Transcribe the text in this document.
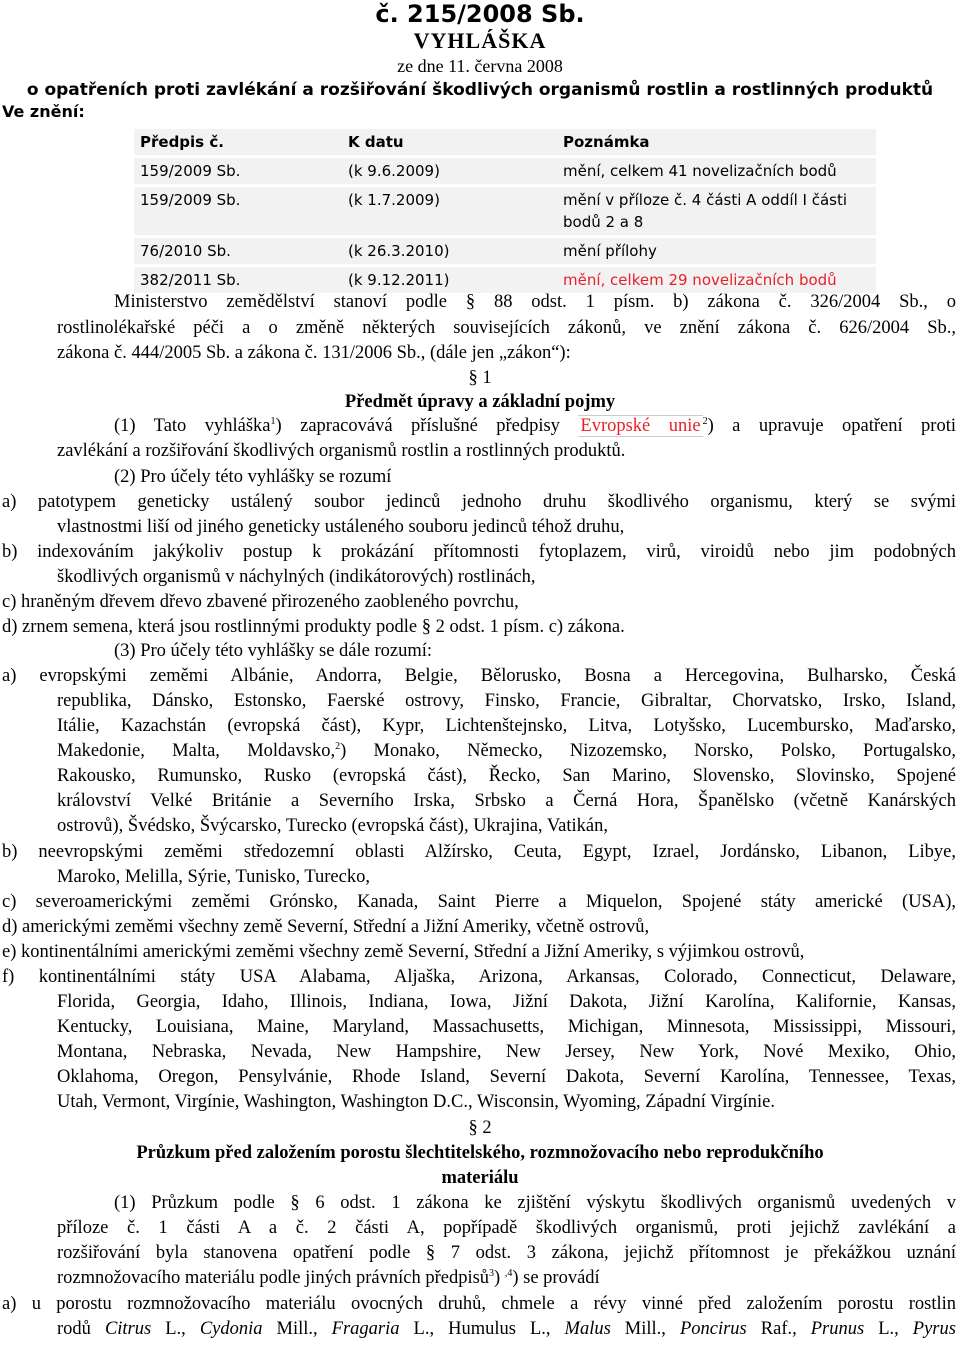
č. 215/2008 Sb.
VYHLÁŠKA
ze dne 11. června 2008
o opatřeních proti zavlékání a rozšiřování škodlivých organismů rostlin a rostlinných produktů
Ve znění:
Předpis č.	K datu	Poznámka
159/2009 Sb.	(k 9.6.2009)	mění, celkem 41 novelizačních bodů
159/2009 Sb.	(k 1.7.2009)	mění v příloze č. 4 části A oddíl I části bodů 2 a 8
76/2010 Sb.	(k 26.3.2010)	mění přílohy
382/2011 Sb.	(k 9.12.2011)	mění, celkem 29 novelizačních bodů
Ministerstvo zemědělství stanoví podle § 88 odst. 1 písm. b) zákona č. 326/2004 Sb., o
rostlinolékařské péči a o změně některých souvisejících zákonů, ve znění zákona č. 626/2004 Sb.,
zákona č. 444/2005 Sb. a zákona č. 131/2006 Sb., (dále jen „zákon“):
§ 1
Předmět úpravy a základní pojmy
(1) Tato vyhláška$^1$) zapracovává příslušné předpisy Evropské unie $^2$) a upravuje opatření proti
zavlékání a rozšiřování škodlivých organismů rostlin a rostlinných produktů.
(2) Pro účely této vyhlášky se rozumí
a) patotypem geneticky ustálený soubor jedinců jednoho druhu škodlivého organismu, který se svými
vlastnostmi liší od jiného geneticky ustáleného souboru jedinců téhož druhu,
b) indexováním jakýkoliv postup k prokázání přítomnosti fytoplazem, virů, viroidů nebo jim podobných
škodlivých organismů v náchylných (indikátorových) rostlinách,
c) hraněným dřevem dřevo zbavené přirozeného zaobleného povrchu,
d) zrnem semena, která jsou rostlinnými produkty podle § 2 odst. 1 písm. c) zákona.
(3) Pro účely této vyhlášky se dále rozumí:
a) evropskými zeměmi Albánie, Andorra, Belgie, Bělorusko, Bosna a Hercegovina, Bulharsko, Česká
republika, Dánsko, Estonsko, Faerské ostrovy, Finsko, Francie, Gibraltar, Chorvatsko, Irsko, Island,
Itálie, Kazachstán (evropská část), Kypr, Lichtenštejnsko, Litva, Lotyšsko, Lucembursko, Maďarsko,
Makedonie, Malta, Moldavsko,$^2$) Monako, Německo, Nizozemsko, Norsko, Polsko, Portugalsko,
Rakousko, Rumunsko, Rusko (evropská část), Řecko, San Marino, Slovensko, Slovinsko, Spojené
království Velké Británie a Severního Irska, Srbsko a Černá Hora, Španělsko (včetně Kanárských
ostrovů), Švédsko, Švýcarsko, Turecko (evropská část), Ukrajina, Vatikán,
b) neevropskými zeměmi středozemní oblasti Alžírsko, Ceuta, Egypt, Izrael, Jordánsko, Libanon, Libye,
Maroko, Melilla, Sýrie, Tunisko, Turecko,
c) severoamerickými zeměmi Grónsko, Kanada, Saint Pierre a Miquelon, Spojené státy americké (USA),
d) americkými zeměmi všechny země Severní, Střední a Jižní Ameriky, včetně ostrovů,
e) kontinentálními americkými zeměmi všechny země Severní, Střední a Jižní Ameriky, s výjimkou ostrovů,
f) kontinentálními státy USA Alabama, Aljaška, Arizona, Arkansas, Colorado, Connecticut, Delaware,
Florida, Georgia, Idaho, Illinois, Indiana, Iowa, Jižní Dakota, Jižní Karolína, Kalifornie, Kansas,
Kentucky, Louisiana, Maine, Maryland, Massachusetts, Michigan, Minnesota, Mississippi, Missouri,
Montana, Nebraska, Nevada, New Hampshire, New Jersey, New York, Nové Mexiko, Ohio,
Oklahoma, Oregon, Pensylvánie, Rhode Island, Severní Dakota, Severní Karolína, Tennessee, Texas,
Utah, Vermont, Virgínie, Washington, Washington D.C., Wisconsin, Wyoming, Západní Virgínie.
§ 2
Průzkum před založením porostu šlechtitelského, rozmnožovacího nebo reprodukčního
materiálu
(1) Průzkum podle § 6 odst. 1 zákona ke zjištění výskytu škodlivých organismů uvedených v
příloze č. 1 části A a č. 2 části A, popřípadě škodlivých organismů, proti jejichž zavlékání a
rozšiřování byla stanovena opatření podle § 7 odst. 3 zákona, jejichž přítomnost je překážkou uznání
rozmnožovacího materiálu podle jiných právních předpisů$^3$) $^{,4}$) se provádí
a) u porostu rozmnožovacího materiálu ovocných druhů, chmele a révy vinné před založením porostu rostlin
rodů Citrus L., Cydonia Mill., Fragaria L., Humulus L., Malus Mill., Poncirus Raf., Prunus L., Pyrus
